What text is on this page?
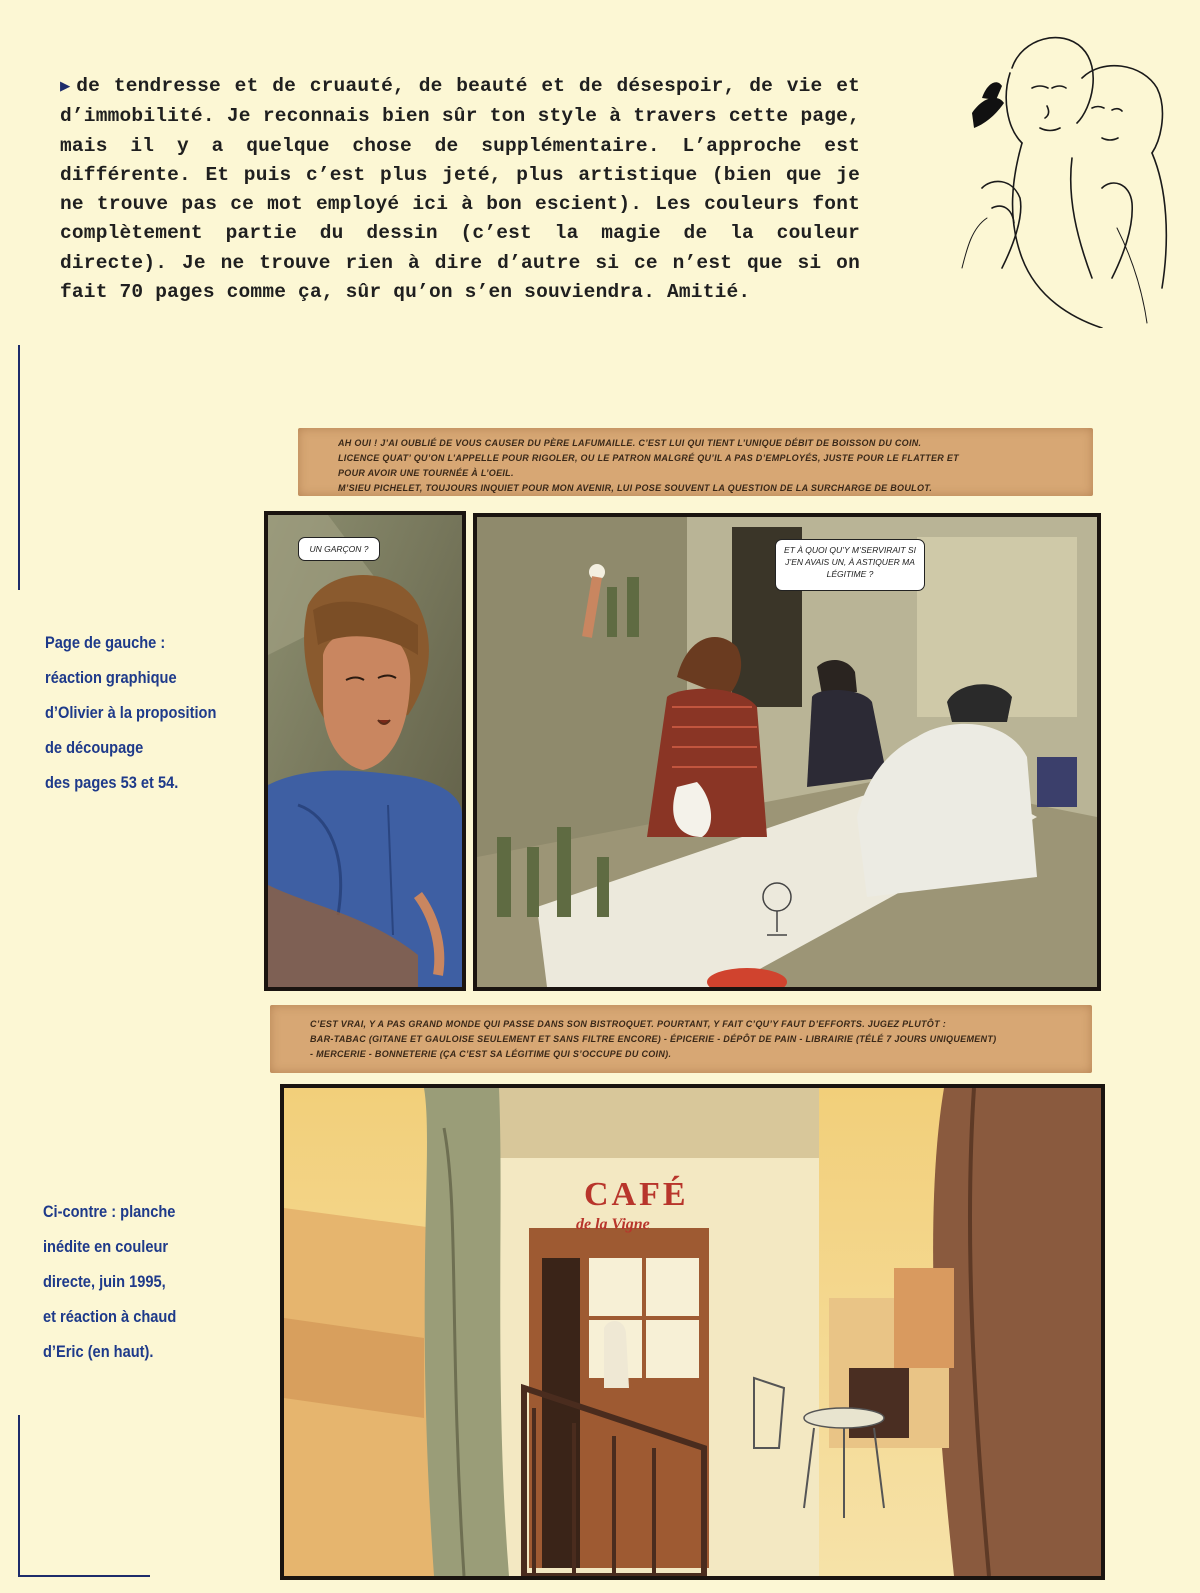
▶ de tendresse et de cruauté, de beauté et de désespoir, de vie et d’immobilité. Je reconnais bien sûr ton style à travers cette page, mais il y a quelque chose de supplémentaire. L’approche est différente. Et puis c’est plus jeté, plus artistique (bien que je ne trouve pas ce mot employé ici à bon escient). Les couleurs font complètement partie du dessin (c’est la magie de la couleur directe). Je ne trouve rien à dire d’autre si ce n’est que si on fait 70 pages comme ça, sûr qu’on s’en souviendra. Amitié.

Page de gauche :
réaction graphique
d’Olivier à la proposition
de découpage
des pages 53 et 54.
Ci-contre : planche
inédite en couleur
directe, juin 1995,
et réaction à chaud
d’Eric (en haut).
AH OUI ! J’AI OUBLIÉ DE VOUS CAUSER DU PÈRE LAFUMAILLE. C’EST LUI QUI TIENT L’UNIQUE DÉBIT DE BOISSON DU COIN.
LICENCE QUAT’ QU’ON L’APPELLE POUR RIGOLER, OU LE PATRON MALGRÉ QU’IL A PAS D’EMPLOYÉS, JUSTE POUR LE FLATTER ET
POUR AVOIR UNE TOURNÉE À L’OEIL.
M’SIEU PICHELET, TOUJOURS INQUIET POUR MON AVENIR, LUI POSE SOUVENT LA QUESTION DE LA SURCHARGE DE BOULOT.
UN GARÇON ?	ET À QUOI QU’Y M’SERVIRAIT SI J’EN AVAIS UN, À ASTIQUER MA LÉGITIME ?
C’EST VRAI, Y A PAS GRAND MONDE QUI PASSE DANS SON BISTROQUET. POURTANT, Y FAIT C’QU’Y FAUT D’EFFORTS. JUGEZ PLUTÔT :
BAR-TABAC (GITANE ET GAULOISE SEULEMENT ET SANS FILTRE ENCORE) - ÉPICERIE - DÉPÔT DE PAIN - LIBRAIRIE (TÉLÉ 7 JOURS UNIQUEMENT)
- MERCERIE - BONNETERIE (ÇA C’EST SA LÉGITIME QUI S’OCCUPE DU COIN).
CAFÉ
de la Vigne
